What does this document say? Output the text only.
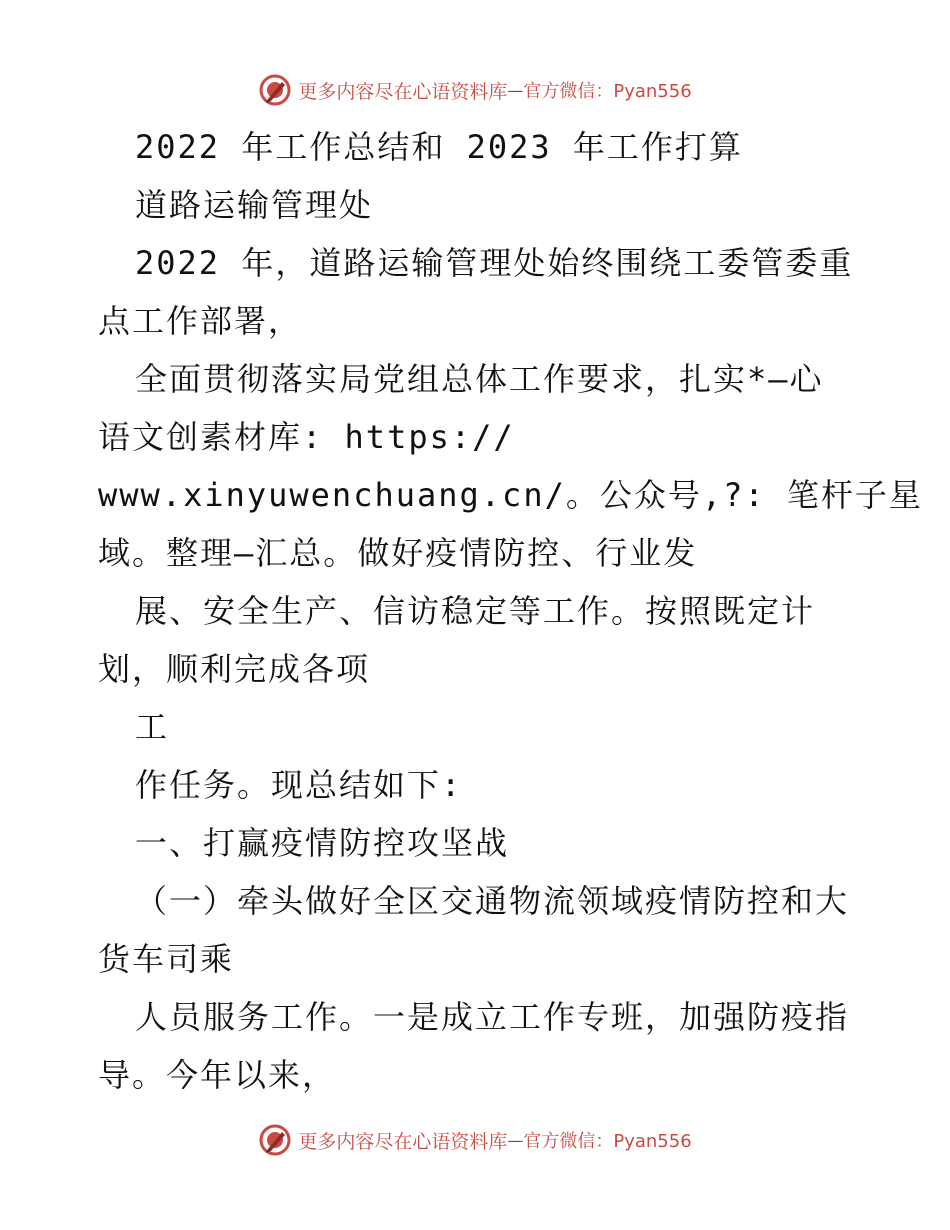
更多内容尽在心语资料库 — 官方微信：Pyan556
2022 年工作总结和 2023 年工作打算
道路运输管理处
2022 年，道路运输管理处始终围绕工委管委重
点工作部署，
全面贯彻落实局党组总体工作要求，扎实*—心
语文创素材库: https://
www.xinyuwenchuang.cn/。公众号,?: 笔杆子星
域。整理—汇总。做好疫情防控、行业发
展、安全生产、信访稳定等工作。按照既定计
划，顺利完成各项
工
作任务。现总结如下:
一、打赢疫情防控攻坚战
（一）牵头做好全区交通物流领域疫情防控和大
货车司乘
人员服务工作。一是成立工作专班，加强防疫指
导。今年以来，
更多内容尽在心语资料库 — 官方微信：Pyan556
